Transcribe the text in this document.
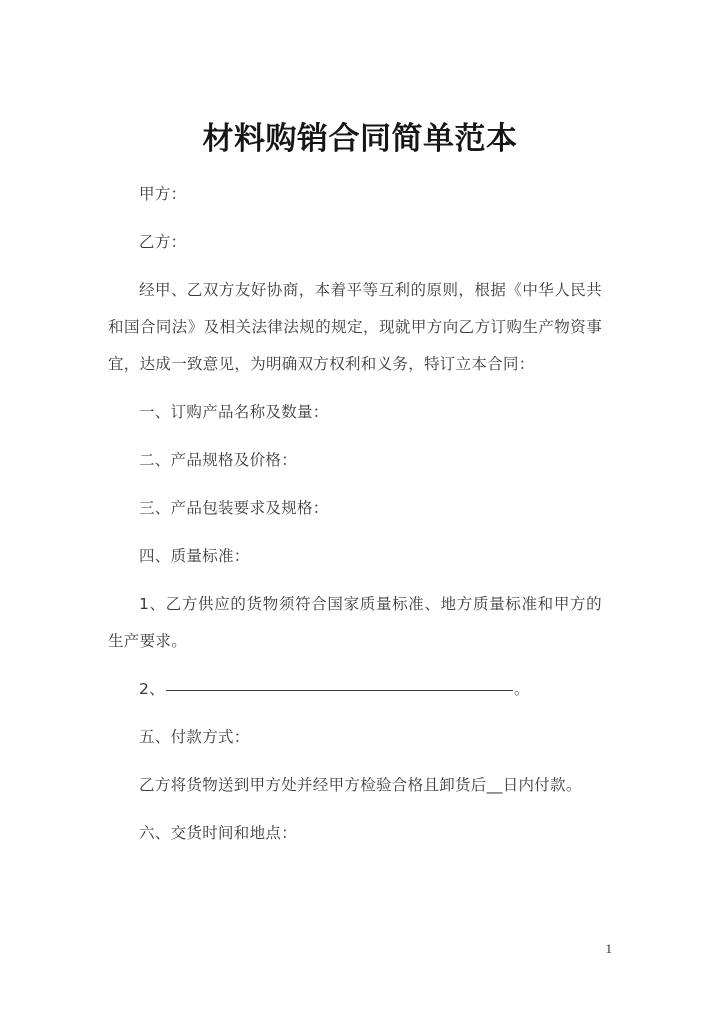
材料购销合同简单范本

甲方：

乙方：

经甲、乙双方友好协商，本着平等互利的原则，根据《中华人民共和国合同法》及相关法律法规的规定，现就甲方向乙方订购生产物资事宜，达成一致意见，为明确双方权利和义务，特订立本合同：

一、订购产品名称及数量：

二、产品规格及价格：

三、产品包装要求及规格：

四、质量标准：

1、乙方供应的货物须符合国家质量标准、地方质量标准和甲方的生产要求。

2、	。

五、付款方式：

乙方将货物送到甲方处并经甲方检验合格且卸货后__日内付款。

六、交货时间和地点：

1
